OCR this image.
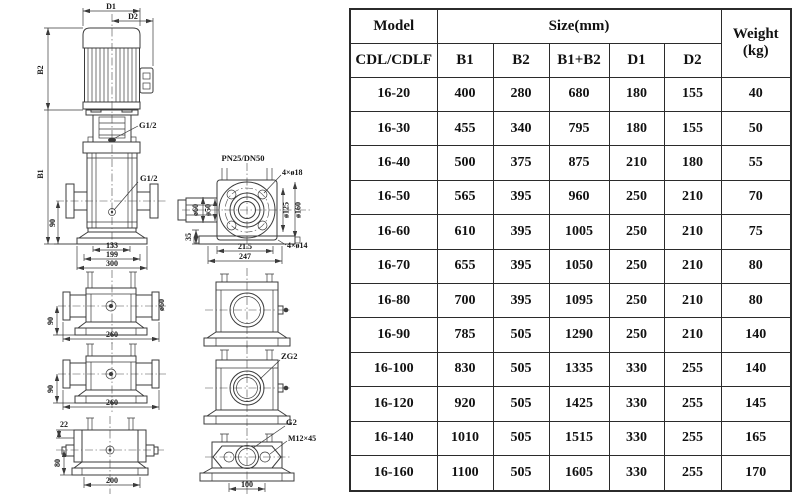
G1/2
G1/2
D1
D2
B2
B1
90
133
199
300
PN25/DN50
ø60 ø50
4×ø18
ø125 ø160
35
21.5
247
4×ø14
ø60
90
260
90
260
22
80
200
ZG2
G2
M12×45
100
Model	Size(mm)					Weight
(kg)

CDL/CDLF	B1	B2	B1+B2	D1	D2	
16-20	400	280	680	180	155	40
16-30	455	340	795	180	155	50
16-40	500	375	875	210	180	55
16-50	565	395	960	250	210	70
16-60	610	395	1005	250	210	75
16-70	655	395	1050	250	210	80
16-80	700	395	1095	250	210	80
16-90	785	505	1290	250	210	140
16-100	830	505	1335	330	255	140
16-120	920	505	1425	330	255	145
16-140	1010	505	1515	330	255	165
16-160	1100	505	1605	330	255	170
